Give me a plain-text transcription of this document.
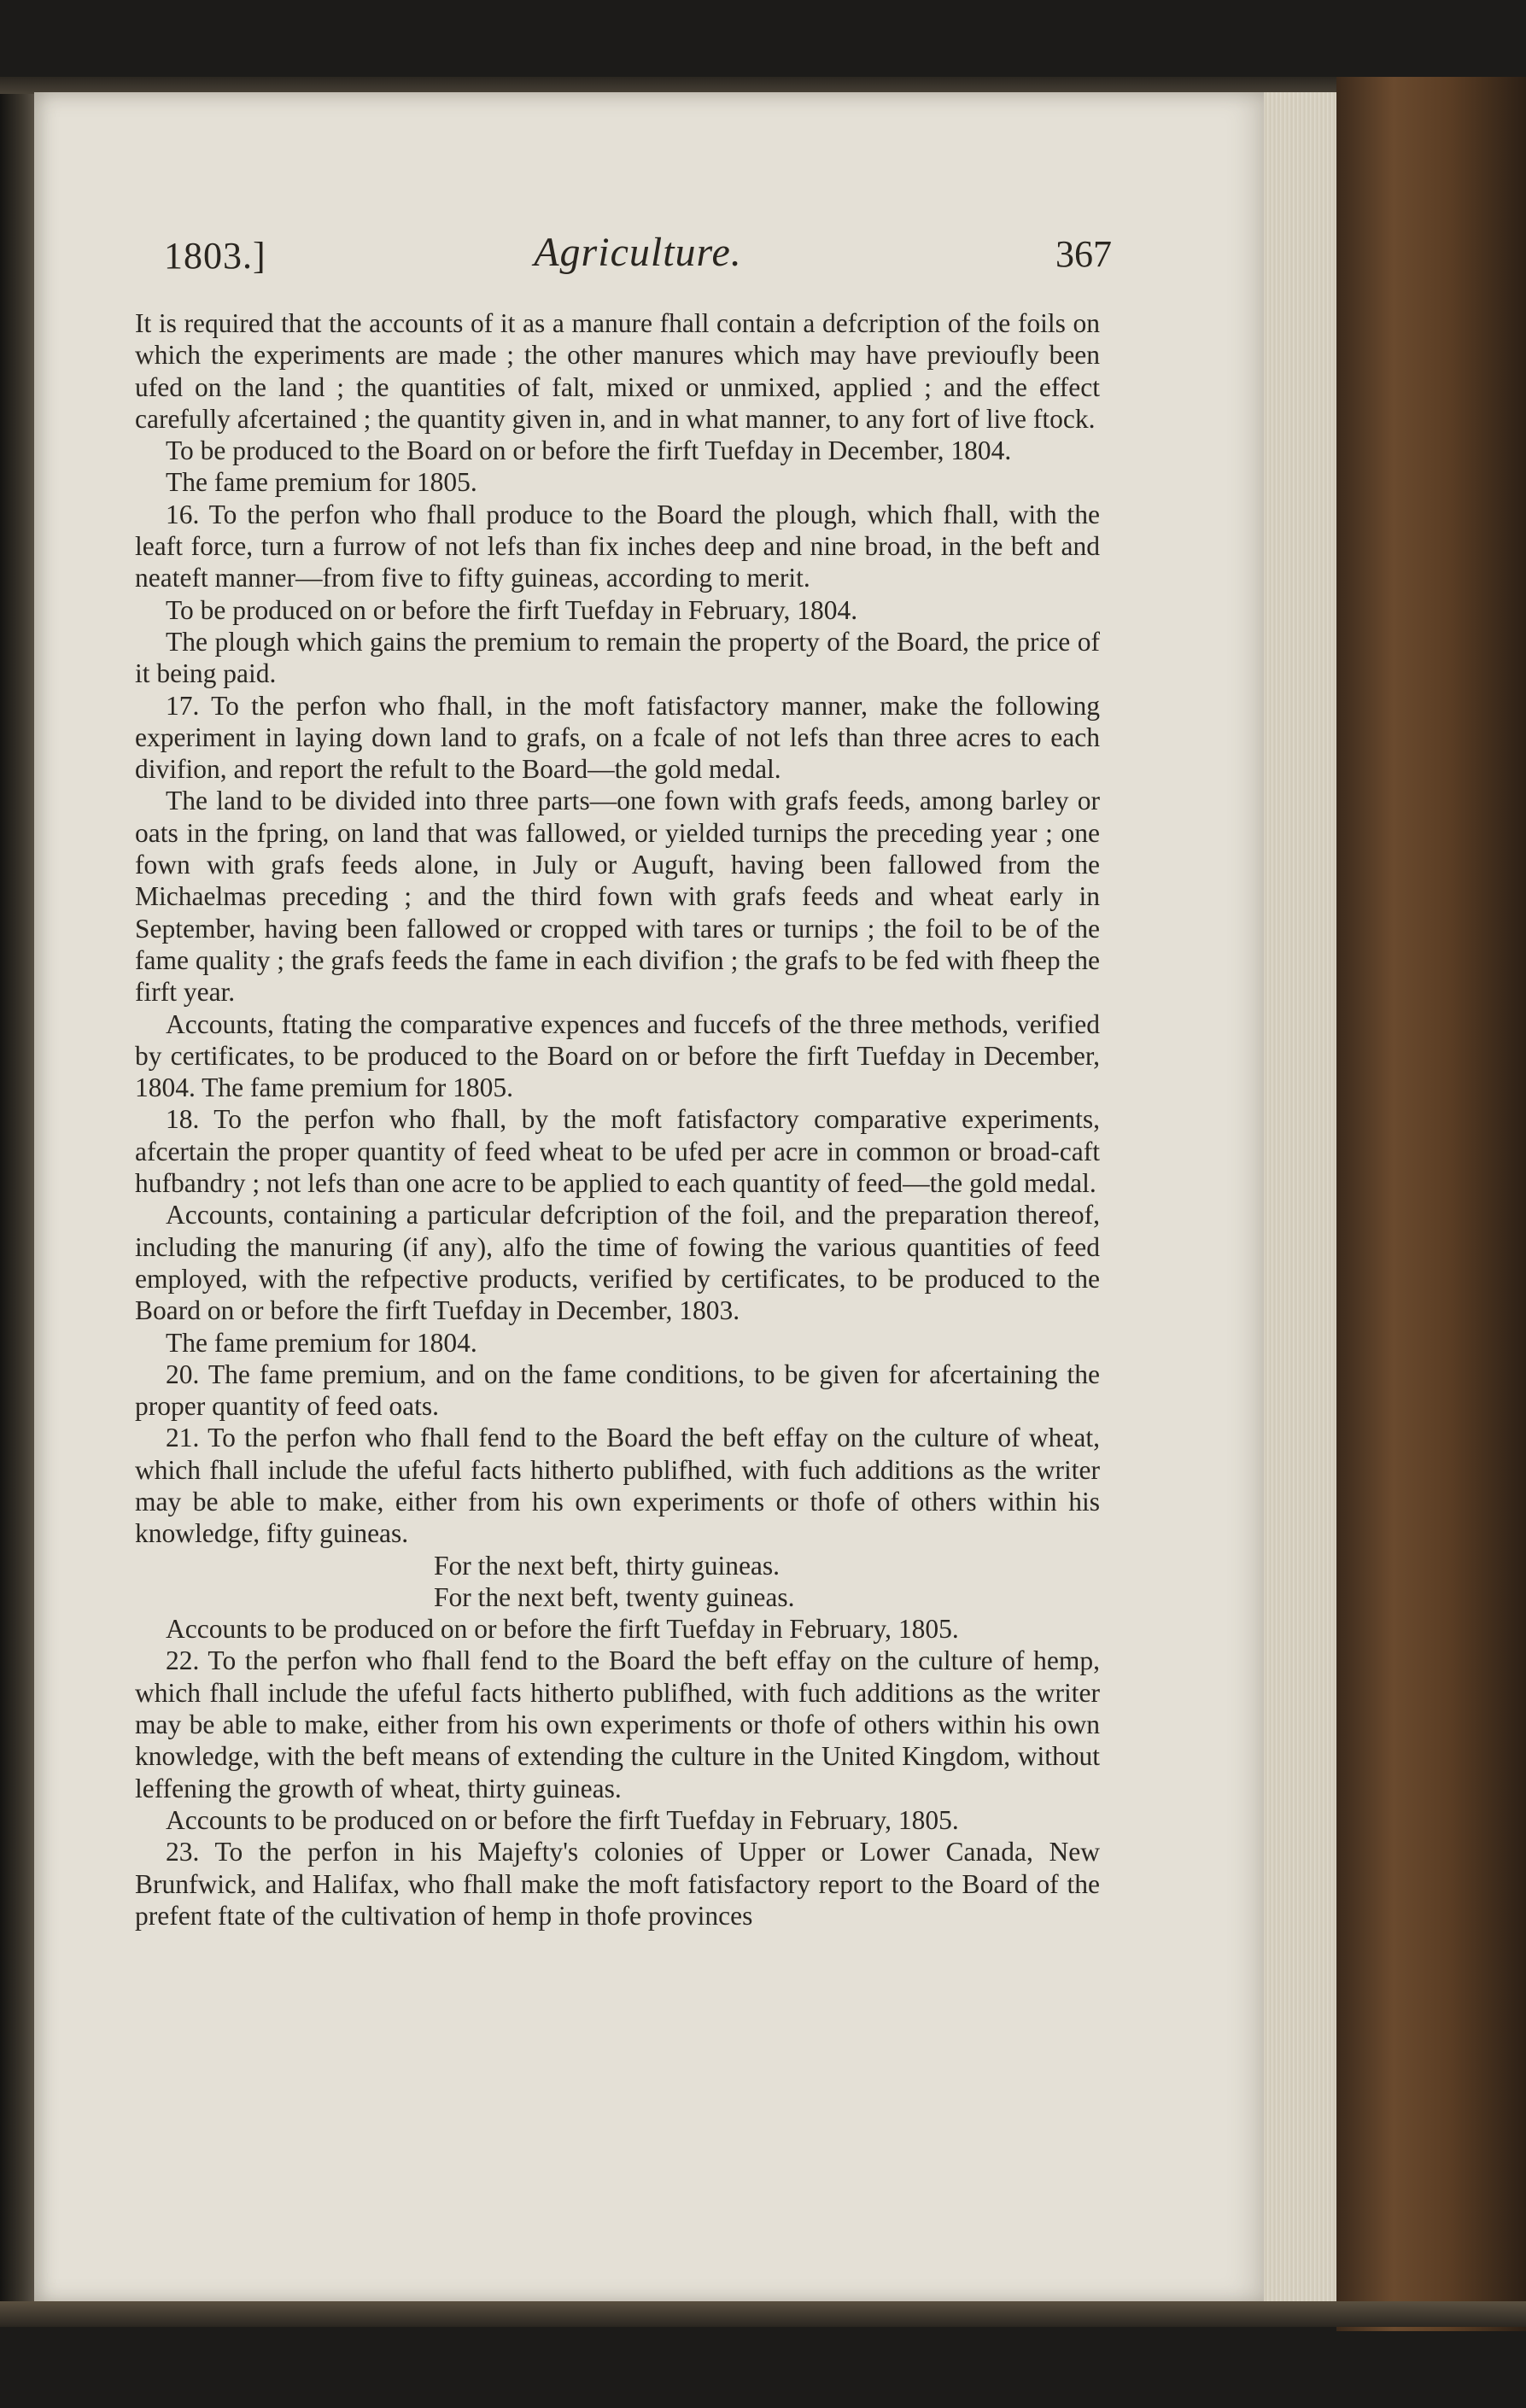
1803.]	Agriculture.	367

It is required that the accounts of it as a manure fhall contain a defcription of the foils on which the experiments are made ; the other manures which may have previoufly been ufed on the land ; the quantities of falt, mixed or unmixed, applied ; and the effect carefully afcertained ; the quantity given in, and in what manner, to any fort of live ftock.

To be produced to the Board on or before the firft Tuefday in December, 1804.

The fame premium for 1805.

16. To the perfon who fhall produce to the Board the plough, which fhall, with the leaft force, turn a furrow of not lefs than fix inches deep and nine broad, in the beft and neateft manner—from five to fifty guineas, according to merit.

To be produced on or before the firft Tuefday in February, 1804.

The plough which gains the premium to remain the property of the Board, the price of it being paid.

17. To the perfon who fhall, in the moft fatisfactory manner, make the following experiment in laying down land to grafs, on a fcale of not lefs than three acres to each divifion, and report the refult to the Board—the gold medal.

The land to be divided into three parts—one fown with grafs feeds, among barley or oats in the fpring, on land that was fallowed, or yielded turnips the preceding year ; one fown with grafs feeds alone, in July or Auguft, having been fallowed from the Michaelmas preceding ; and the third fown with grafs feeds and wheat early in September, having been fallowed or cropped with tares or turnips ; the foil to be of the fame quality ; the grafs feeds the fame in each divifion ; the grafs to be fed with fheep the firft year.

Accounts, ftating the comparative expences and fuccefs of the three methods, verified by certificates, to be produced to the Board on or before the firft Tuefday in December, 1804. The fame premium for 1805.

18. To the perfon who fhall, by the moft fatisfactory comparative experiments, afcertain the proper quantity of feed wheat to be ufed per acre in common or broad-caft hufbandry ; not lefs than one acre to be applied to each quantity of feed—the gold medal.

Accounts, containing a particular defcription of the foil, and the preparation thereof, including the manuring (if any), alfo the time of fowing the various quantities of feed employed, with the refpective products, verified by certificates, to be produced to the Board on or before the firft Tuefday in December, 1803.

The fame premium for 1804.

20. The fame premium, and on the fame conditions, to be given for afcertaining the proper quantity of feed oats.

21. To the perfon who fhall fend to the Board the beft effay on the culture of wheat, which fhall include the ufeful facts hitherto publifhed, with fuch additions as the writer may be able to make, either from his own experiments or thofe of others within his knowledge, fifty guineas.

For the next beft, thirty guineas.

For the next beft, twenty guineas.

Accounts to be produced on or before the firft Tuefday in February, 1805.

22. To the perfon who fhall fend to the Board the beft effay on the culture of hemp, which fhall include the ufeful facts hitherto publifhed, with fuch additions as the writer may be able to make, either from his own experiments or thofe of others within his own knowledge, with the beft means of extending the culture in the United Kingdom, without leffening the growth of wheat, thirty guineas.

Accounts to be produced on or before the firft Tuefday in February, 1805.

23. To the perfon in his Majefty's colonies of Upper or Lower Canada, New Brunfwick, and Halifax, who fhall make the moft fatisfactory report to the Board of the prefent ftate of the cultivation of hemp in thofe provinces
